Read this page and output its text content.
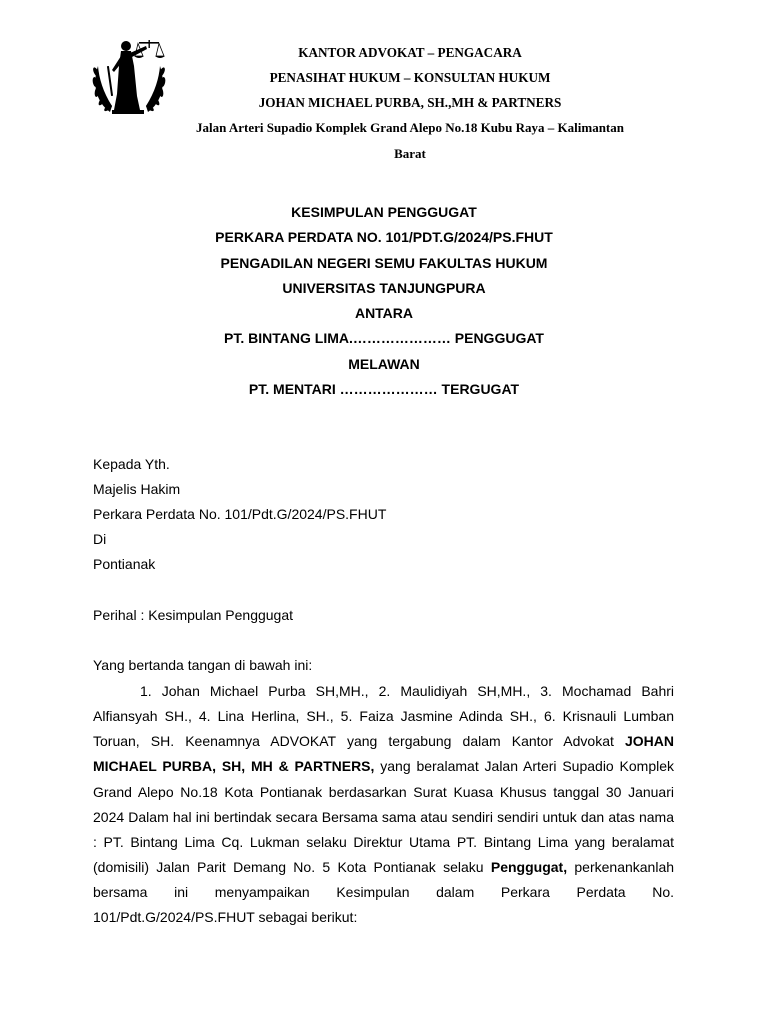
KANTOR ADVOKAT – PENGACARA
PENASIHAT HUKUM – KONSULTAN HUKUM
JOHAN MICHAEL PURBA, SH.,MH & PARTNERS
Jalan Arteri Supadio Komplek Grand Alepo No.18 Kubu Raya – Kalimantan
Barat
KESIMPULAN PENGGUGAT
PERKARA PERDATA NO. 101/PDT.G/2024/PS.FHUT
PENGADILAN NEGERI SEMU FAKULTAS HUKUM
UNIVERSITAS TANJUNGPURA
ANTARA
PT. BINTANG LIMA.………………… PENGGUGAT
MELAWAN
PT. MENTARI ………………… TERGUGAT
Kepada Yth.
Majelis Hakim
Perkara Perdata No. 101/Pdt.G/2024/PS.FHUT
Di
Pontianak
Perihal : Kesimpulan Penggugat
Yang bertanda tangan di bawah ini:

1. Johan Michael Purba SH,MH., 2. Maulidiyah SH,MH., 3. Mochamad Bahri Alfiansyah SH., 4. Lina Herlina, SH., 5. Faiza Jasmine Adinda SH., 6. Krisnauli Lumban Toruan, SH. Keenamnya ADVOKAT yang tergabung dalam Kantor Advokat JOHAN MICHAEL PURBA, SH, MH & PARTNERS, yang beralamat Jalan Arteri Supadio Komplek Grand Alepo No.18 Kota Pontianak berdasarkan Surat Kuasa Khusus tanggal 30 Januari 2024 Dalam hal ini bertindak secara Bersama sama atau sendiri sendiri untuk dan atas nama : PT. Bintang Lima Cq. Lukman selaku Direktur Utama PT. Bintang Lima yang beralamat (domisili) Jalan Parit Demang No. 5 Kota Pontianak selaku Penggugat, perkenankanlah bersama ini menyampaikan Kesimpulan dalam Perkara Perdata No. 101/Pdt.G/2024/PS.FHUT sebagai berikut:
